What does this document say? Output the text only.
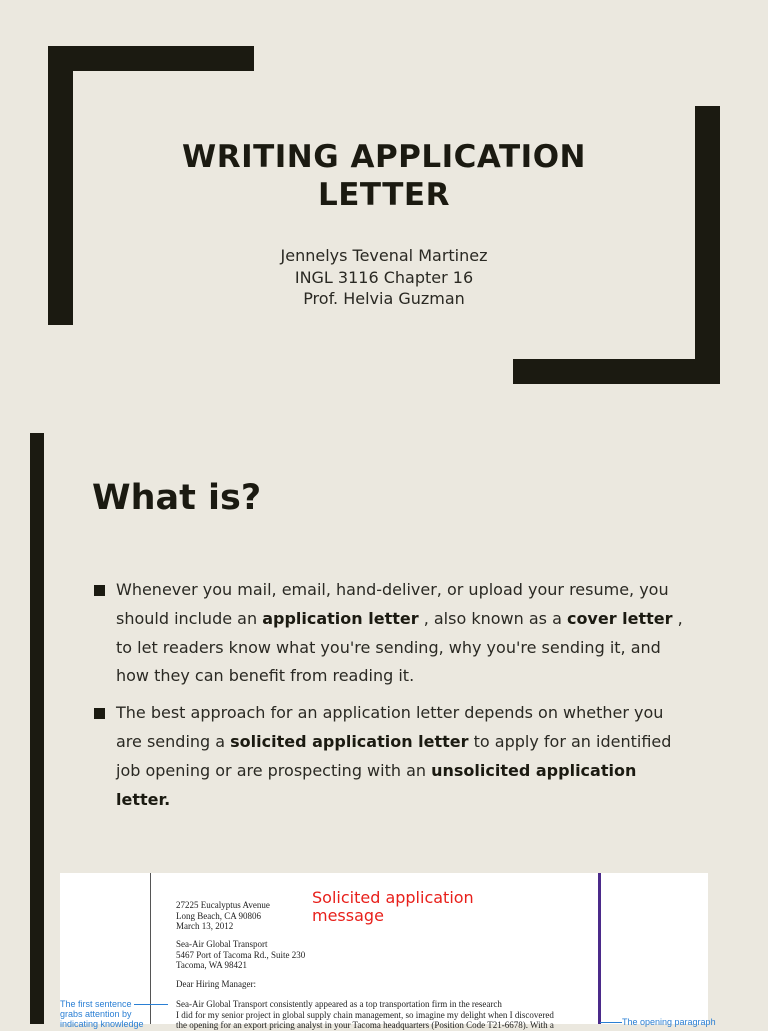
WRITING APPLICATION
LETTER
Jennelys Tevenal Martinez
INGL 3116 Chapter 16
Prof. Helvia Guzman
What is?
Whenever you mail, email, hand-deliver, or upload your resume, you should include an application letter , also known as a cover letter , to let readers know what you're sending, why you're sending it, and how they can benefit from reading it.
The best approach for an application letter depends on whether you are sending a solicited application letter to apply for an identified job opening or are prospecting with an unsolicited application letter.
Solicited application message
27225 Eucalyptus Avenue
Long Beach, CA 90806
March 13, 2012
Sea-Air Global Transport
5467 Port of Tacoma Rd., Suite 230
Tacoma, WA 98421
Dear Hiring Manager:
Sea-Air Global Transport consistently appeared as a top transportation firm in the research
I did for my senior project in global supply chain management, so imagine my delight when I discovered
the opening for an export pricing analyst in your Tacoma headquarters (Position Code T21-6678). With a
The first sentence
grabs attention by
indicating knowledge	The opening paragraph
